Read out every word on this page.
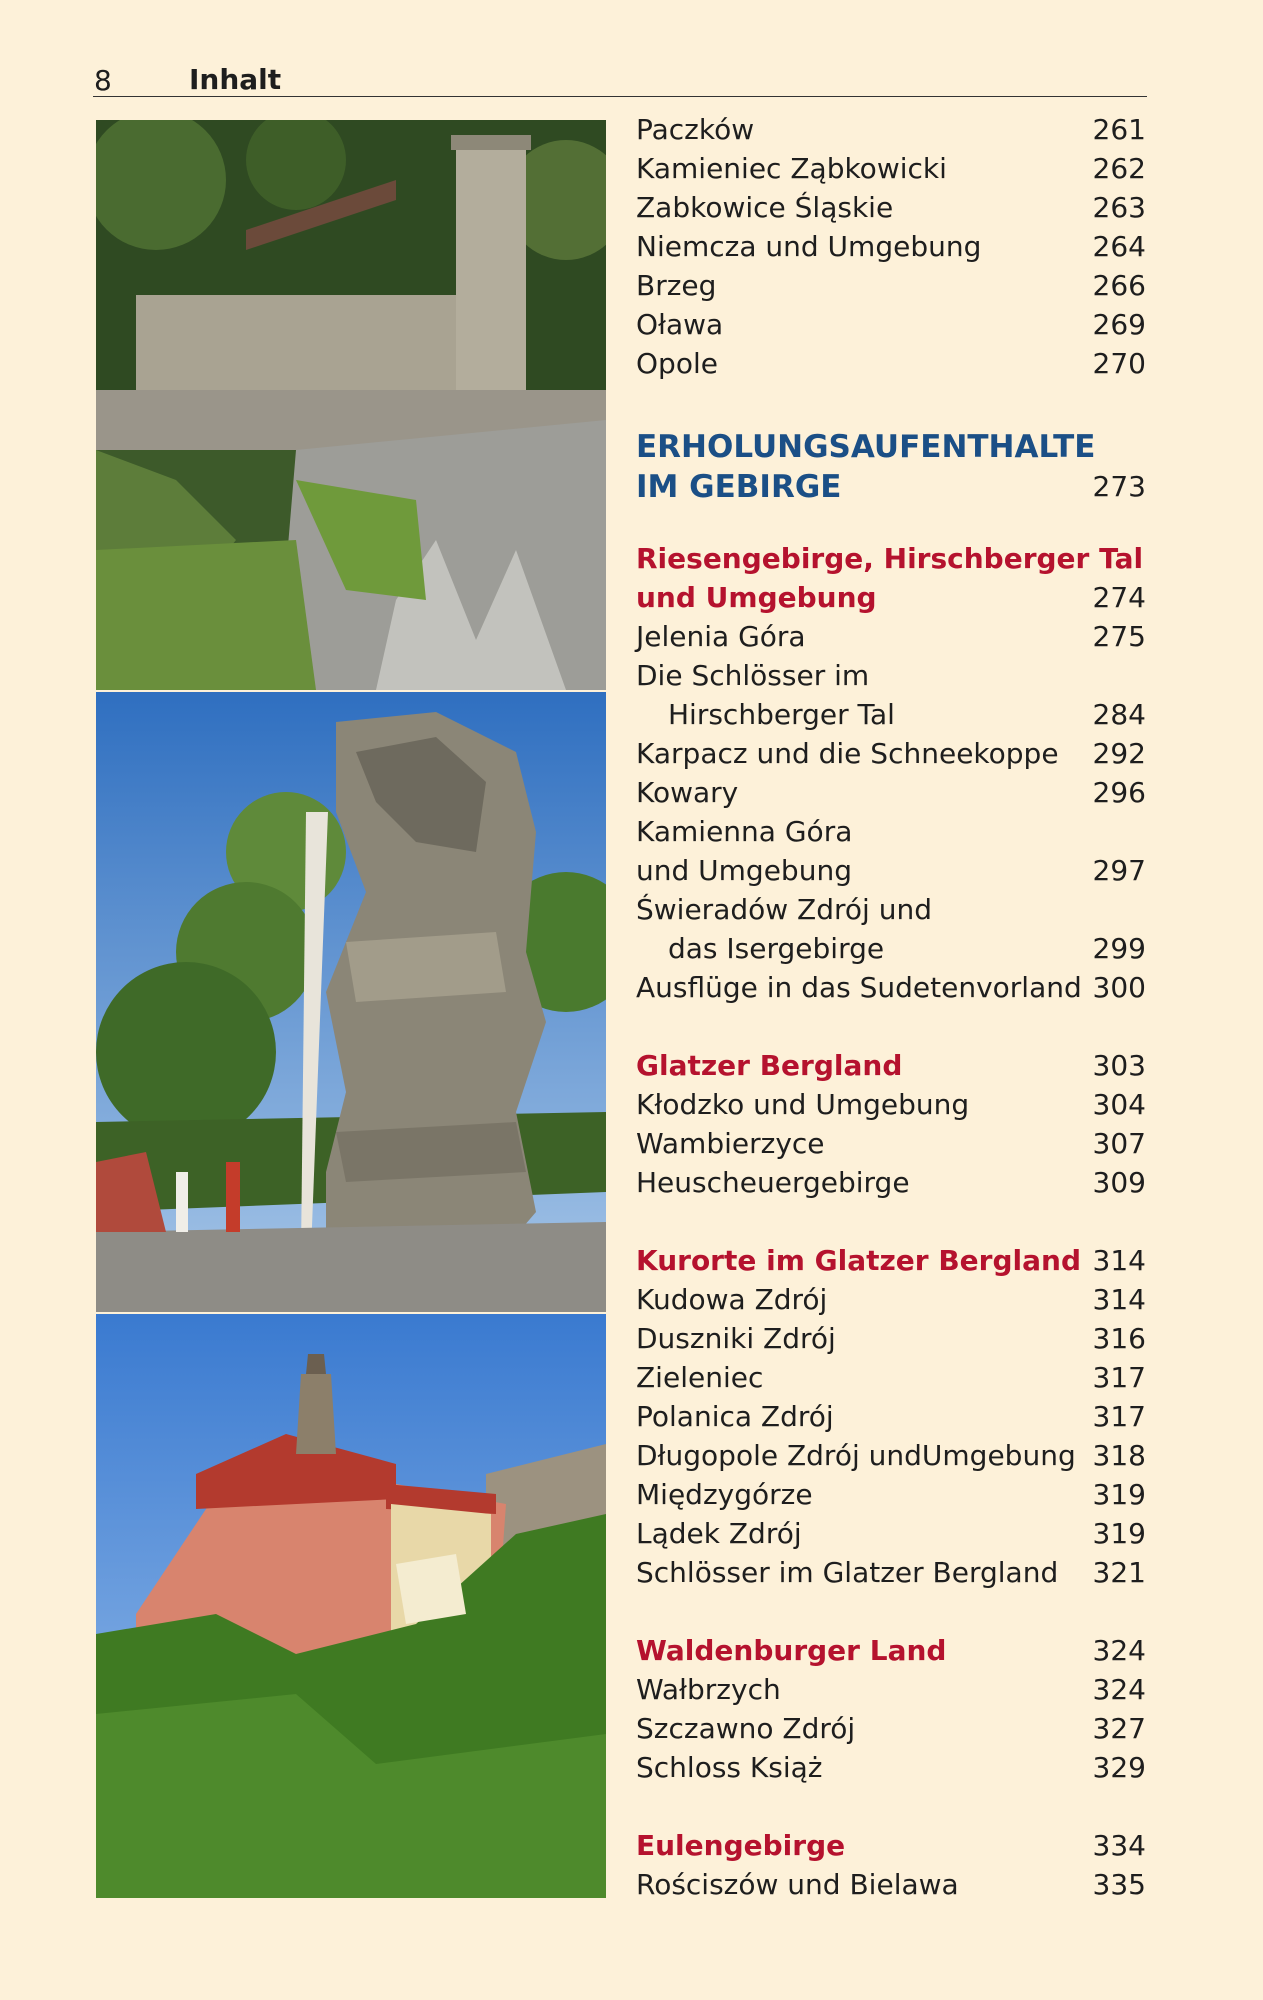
8	Inhalt
Paczków	261
Kamieniec Ząbkowicki	262
Zabkowice Śląskie	263
Niemcza und Umgebung	264
Brzeg	266
Oława	269
Opole	270
ERHOLUNGSAUFENTHALTE
IM GEBIRGE	273
Riesengebirge, Hirschberger Tal
und Umgebung	274
Jelenia Góra	275
Die Schlösser im
Hirschberger Tal	284
Karpacz und die Schneekoppe 292
Kowary	296
Kamienna Góra
und Umgebung	297
Świeradów Zdrój und
das Isergebirge	299
Ausflüge in das Sudetenvorland 300
Glatzer Bergland	303
Kłodzko und Umgebung	304
Wambierzyce	307
Heuscheuergebirge	309
Kurorte im Glatzer Bergland 314
Kudowa Zdrój	314
Duszniki Zdrój	316
Zieleniec	317
Polanica Zdrój	317
Długopole Zdrój undUmgebung 318
Międzygórze	319
Lądek Zdrój	319
Schlösser im Glatzer Bergland 321
Waldenburger Land	324
Wałbrzych	324
Szczawno Zdrój	327
Schloss Książ	329
Eulengebirge	334
Rościszów und Bielawa	335
